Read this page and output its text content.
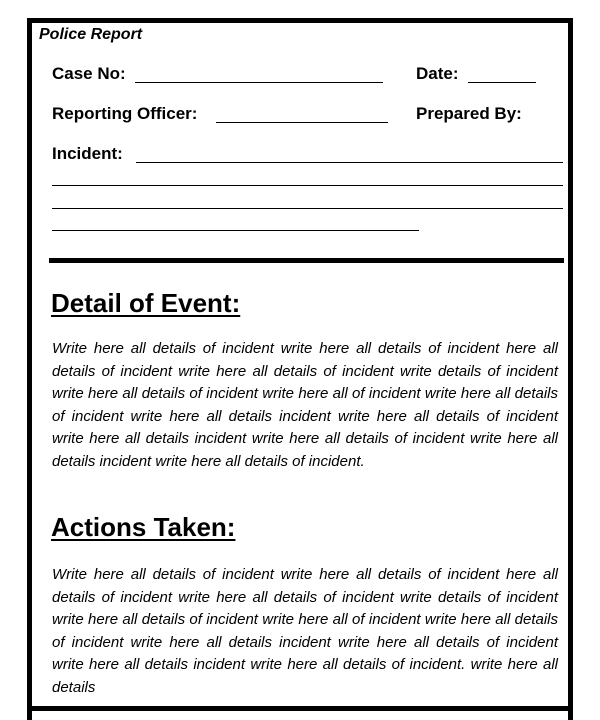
Police Report
Case No:	Date:
Reporting Officer:	Prepared By:
Incident:
Detail of Event:

Write here all details of incident write here all details of incident here all details of incident write here all details of incident write details of incident write here all details of incident write here all of incident write here all details of incident write here all details incident write here all details of incident write here all details incident write here all details of incident write here all details incident write here all details of incident.

Actions Taken:

Write here all details of incident write here all details of incident here all details of incident write here all details of incident write details of incident write here all details of incident write here all of incident write here all details of incident write here all details incident write here all details of incident write here all details incident write here all details of incident. write here all details
